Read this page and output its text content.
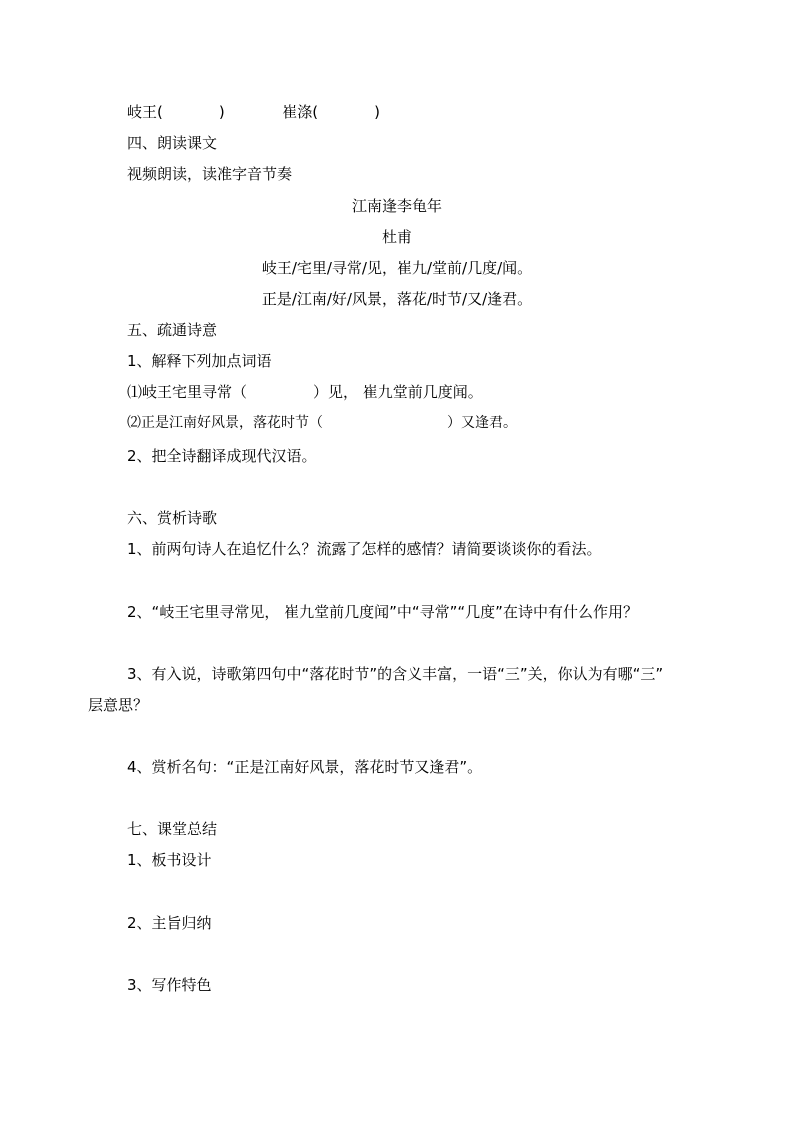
岐王(	)	崔涤(	)
四、朗读课文
视频朗读，读准字音节奏
江南逢李龟年
杜甫
岐王/宅里/寻常/见，崔九/堂前/几度/闻。
正是/江南/好/风景，落花/时节/又/逢君。
五、疏通诗意
1、解释下列加点词语
⑴岐王宅里寻常（	）见， 崔九堂前几度闻。
⑵正是江南好风景，落花时节（	）又逢君。
2、把全诗翻译成现代汉语。
六、赏析诗歌
1、前两句诗人在追忆什么？流露了怎样的感情？请简要谈谈你的看法。
2、“岐王宅里寻常见， 崔九堂前几度闻”中“寻常”“几度”在诗中有什么作用？
3、有入说，诗歌第四句中“落花时节”的含义丰富，一语“三”关，你认为有哪“三”
层意思？
4、赏析名句：“正是江南好风景，落花时节又逢君”。
七、课堂总结
1、板书设计
2、主旨归纳
3、写作特色
